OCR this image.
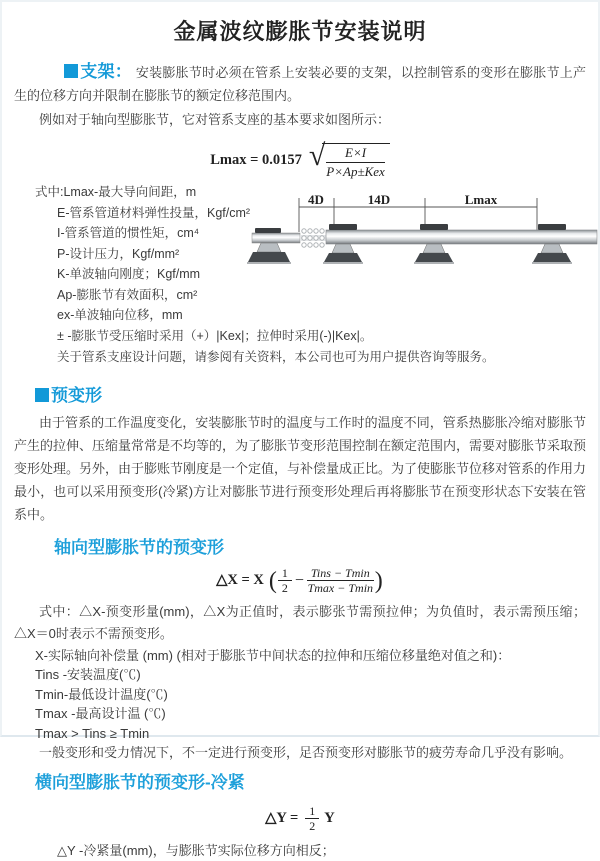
金属波纹膨胀节安装说明
支架： 安装膨胀节时必须在管系上安装必要的支架，以控制管系的变形在膨胀节上产生的位移方向并限制在膨胀节的额定位移范围内。
例如对于轴向型膨胀节，它对管系支座的基本要求如图所示：
Lmax = 0.0157 √
$\frac{E\times I}{\text{P×Ap±Kex}}$
式中:Lmax-最大导向间距，m
E-管系管道材料弹性投量，Kgf/cm²
I-管系管道的惯性矩，cm⁴
P-设计压力，Kgf/mm²
K-单波轴向刚度；Kgf/mm
Ap-膨胀节有效面积，cm²
ex-单波轴向位移，mm
± -膨胀节受压缩时采用（+）|Kex|；拉伸时采用(-)|Kex|。
关于管系支座设计问题，请参阅有关资料，本公司也可为用户提供咨询等服务。
4D	14D	Lmax
预变形
由于管系的工作温度变化，安装膨胀节时的温度与工作时的温度不同，管系热膨胀冷缩对膨胀节产生的拉伸、压缩量常常是不均等的，为了膨胀节变形范围控制在额定范围内，需要对膨胀节采取预变形处理。另外，由于膨账节刚度是一个定值，与补偿量成正比。为了使膨胀节位移对管系的作用力最小，也可以采用预变形(冷紧)方让对膨胀节进行预变形处理后再将膨胀节在预变形状态下安装在管系中。
轴向型膨胀节的预变形
△X = X ( $\frac{1}{2}$ − Tins − Tmin
Tmax − Tmin )
式中：△X-预变形量(mm)，△X为正值时，表示膨张节需预拉伸；为负值时，表示需预压缩；△X＝0时表示不需预变形。
X-实际轴向补偿量 (mm) (相对于膨胀节中间状态的拉伸和压缩位移量绝对值之和)：
Tins -安装温度(℃)
Tmin-最低设计温度(℃)
Tmax -最高设计温 (℃)
Tmax > Tins ≥ Tmin
一般变形和受力情况下，不一定进行预变形，足否预变形对膨胀节的疲劳寿命几乎没有影响。
横向型膨胀节的预变形-冷紧
△Y = $\frac{1}{2}$ Y
△Y -冷紧量(mm)，与膨胀节实际位移方向相反；
